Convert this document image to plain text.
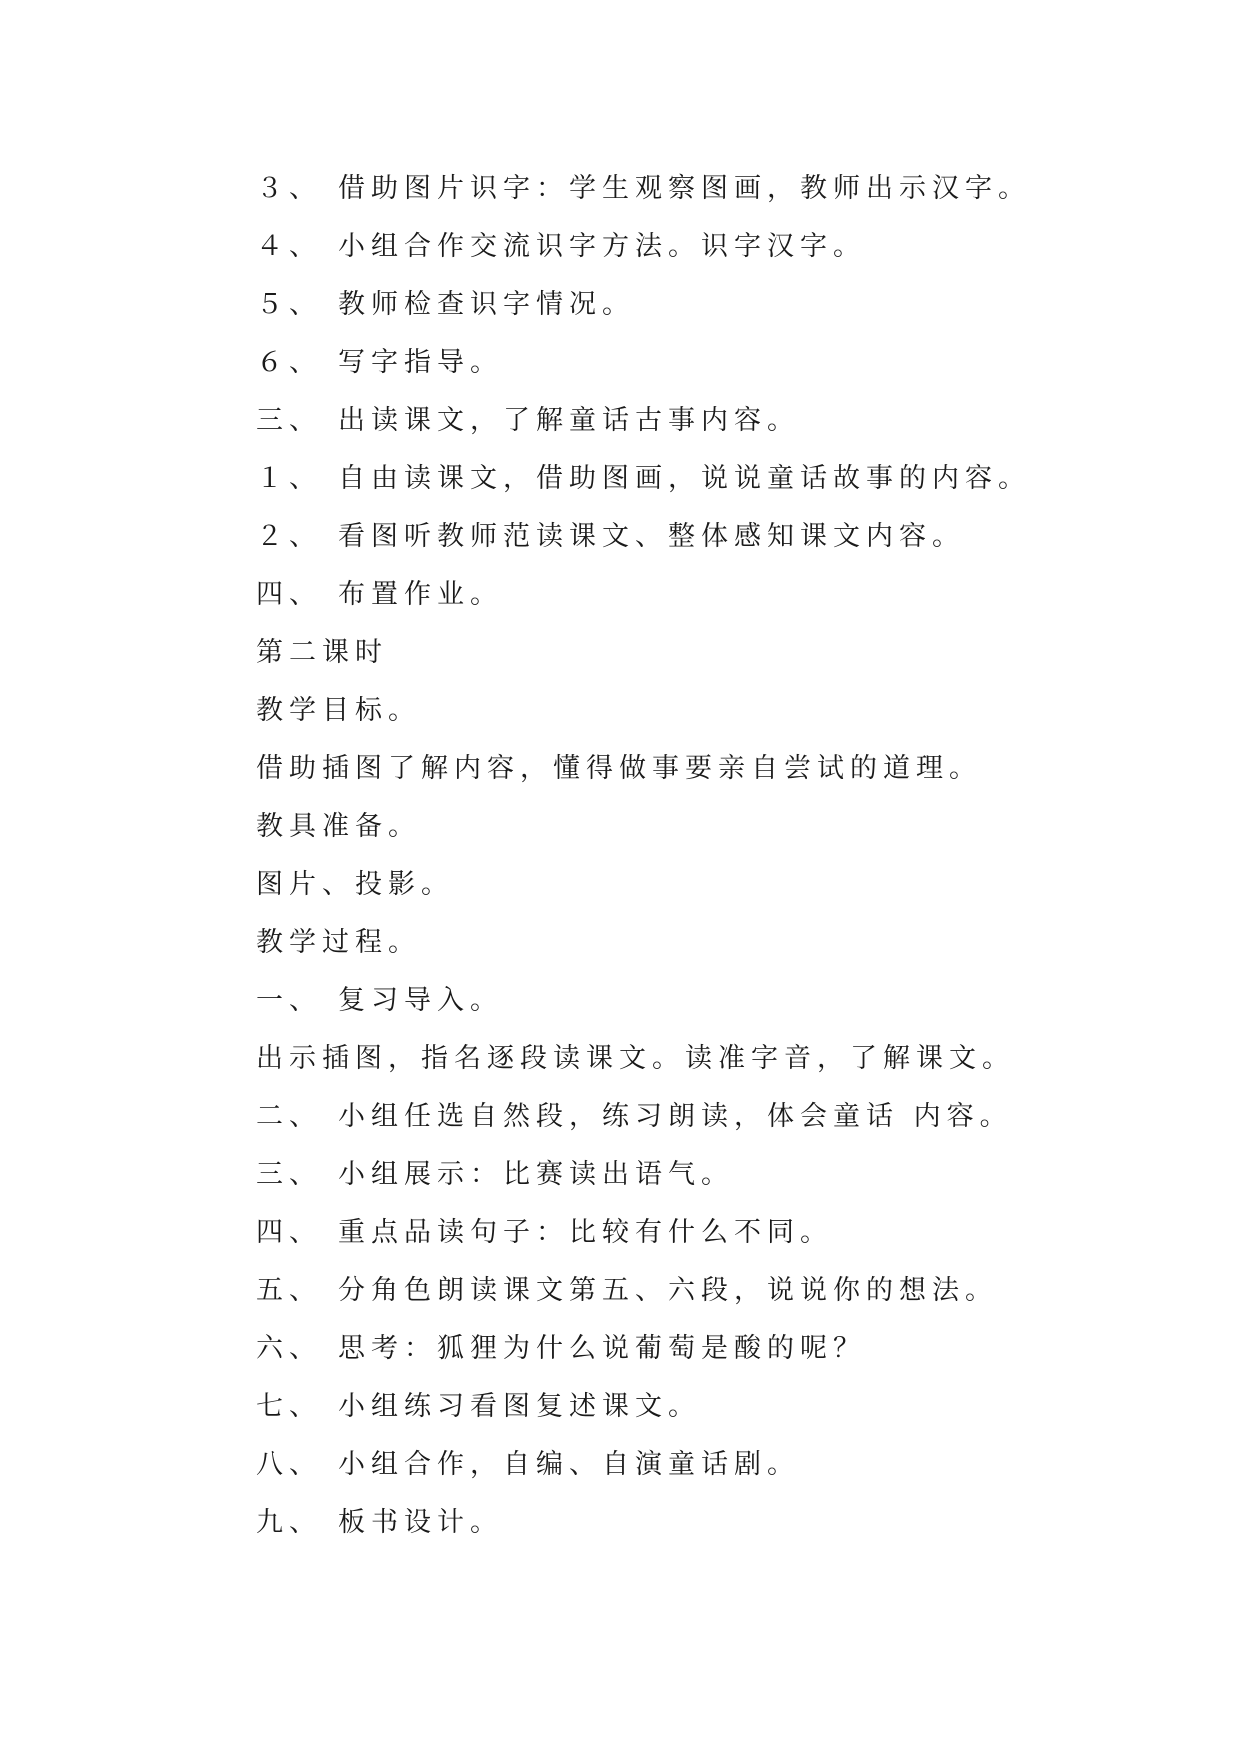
３、 借助图片识字：学生观察图画，教师出示汉字。
４、 小组合作交流识字方法。识字汉字。
５、 教师检查识字情况。
６、 写字指导。
三、 出读课文，了解童话古事内容。
１、 自由读课文，借助图画，说说童话故事的内容。
２、 看图听教师范读课文、整体感知课文内容。
四、 布置作业。
第二课时
教学目标。
借助插图了解内容，懂得做事要亲自尝试的道理。
教具准备。
图片、投影。
教学过程。
一、 复习导入。
出示插图，指名逐段读课文。读准字音，了解课文。
二、 小组任选自然段，练习朗读，体会童话 内容。
三、 小组展示：比赛读出语气。
四、 重点品读句子：比较有什么不同。
五、 分角色朗读课文第五、六段，说说你的想法。
六、 思考：狐狸为什么说葡萄是酸的呢？
七、 小组练习看图复述课文。
八、 小组合作，自编、自演童话剧。
九、 板书设计。
